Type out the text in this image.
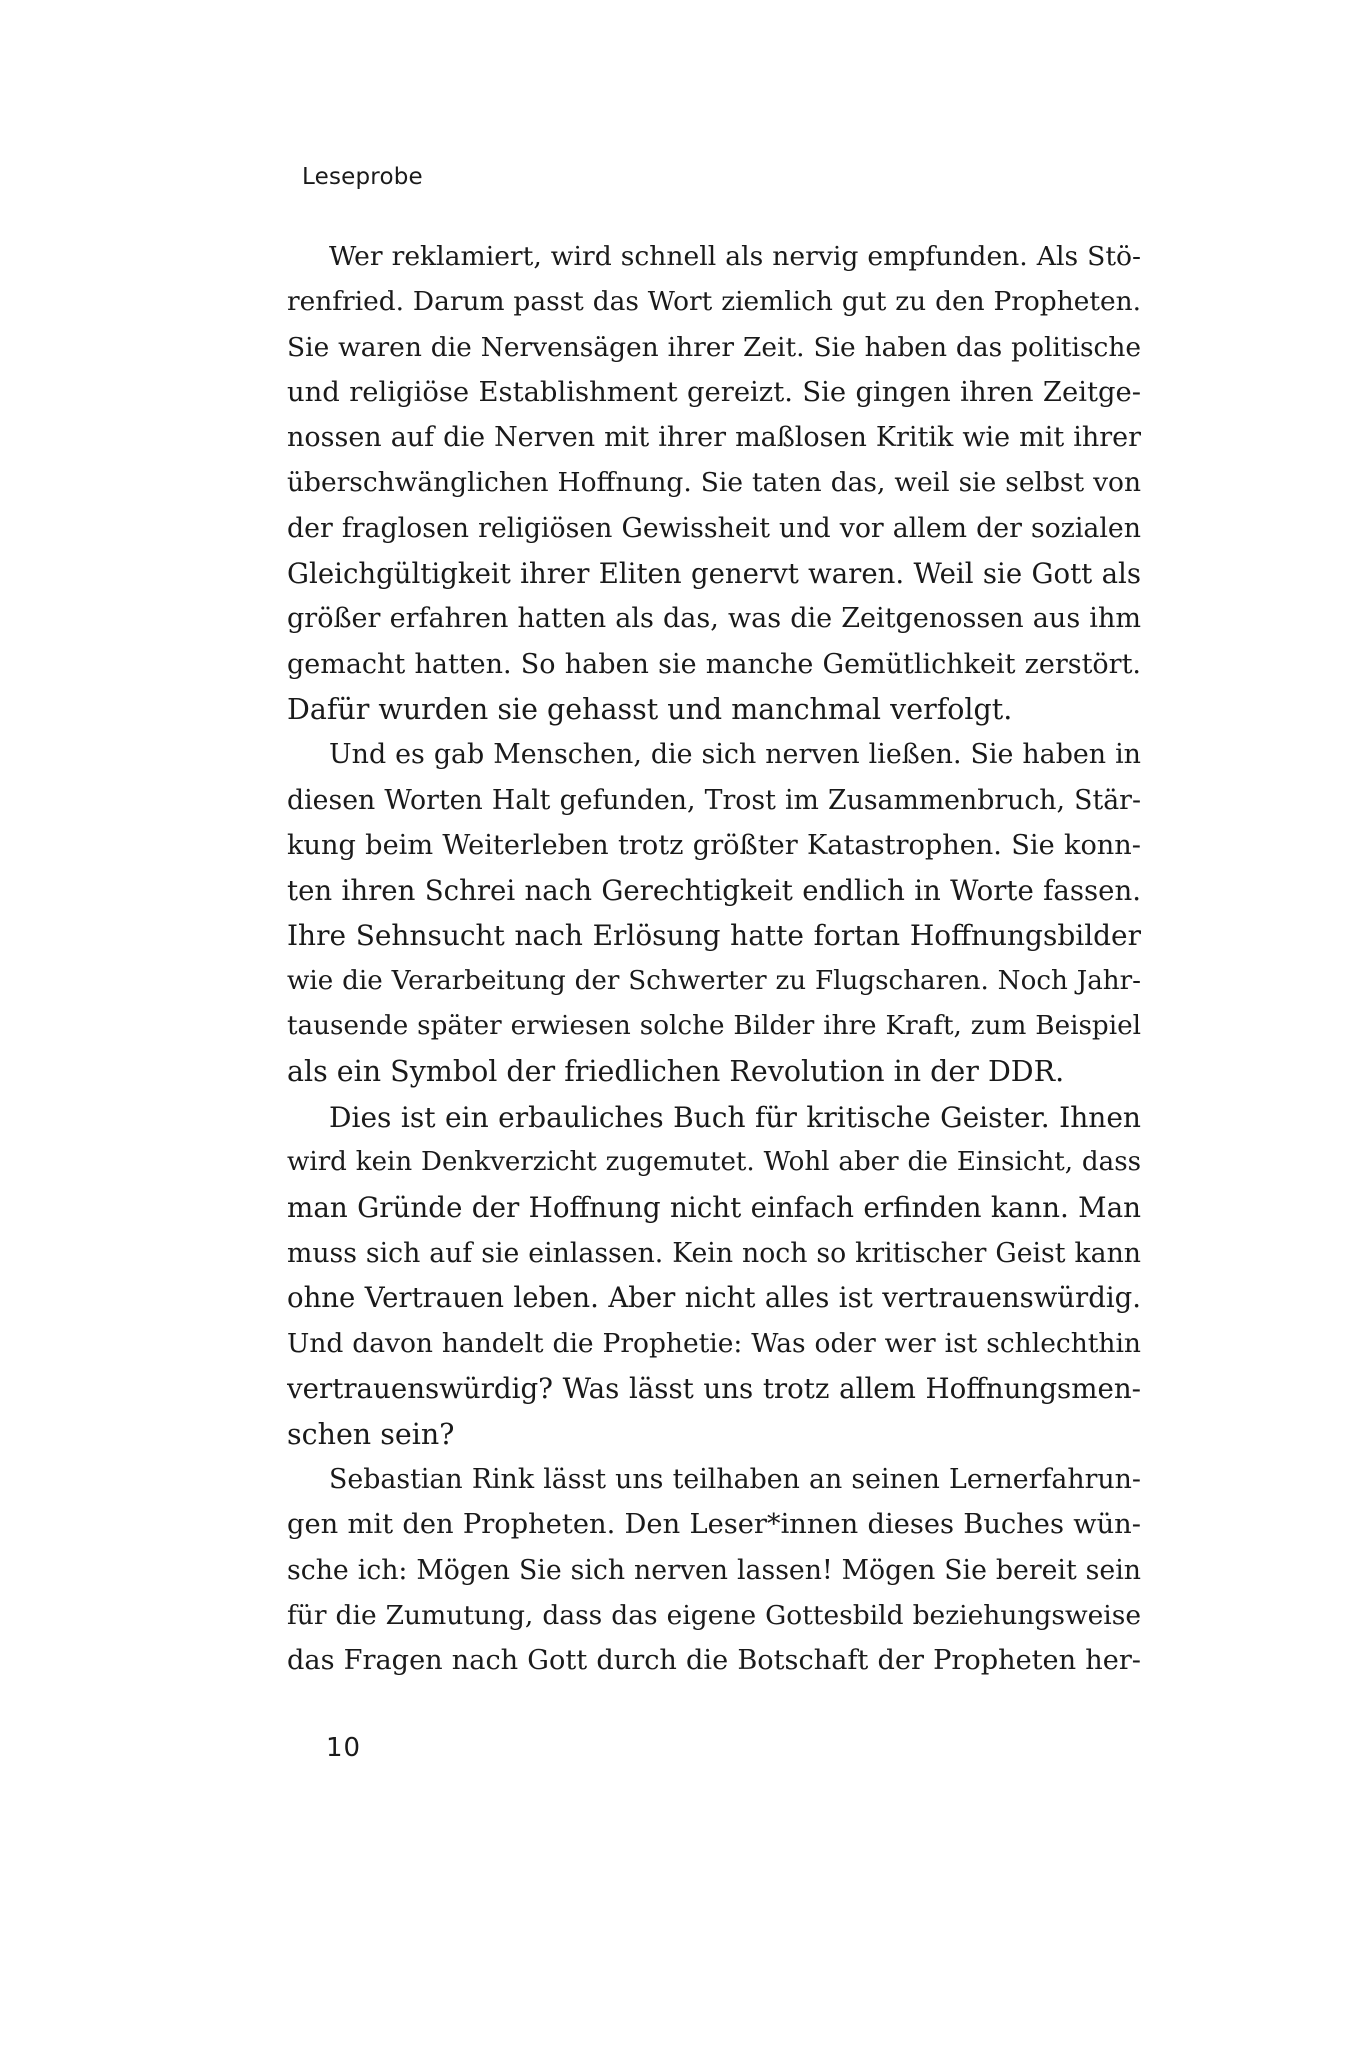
Leseprobe
Wer reklamiert, wird schnell als nervig empfunden. Als Stö-
renfried. Darum passt das Wort ziemlich gut zu den Propheten.
Sie waren die Nervensägen ihrer Zeit. Sie haben das politische
und religiöse Establishment gereizt. Sie gingen ihren Zeitge-
nossen auf die Nerven mit ihrer maßlosen Kritik wie mit ihrer
überschwänglichen Hoffnung. Sie taten das, weil sie selbst von
der fraglosen religiösen Gewissheit und vor allem der sozialen
Gleichgültigkeit ihrer Eliten genervt waren. Weil sie Gott als
größer erfahren hatten als das, was die Zeitgenossen aus ihm
gemacht hatten. So haben sie manche Gemütlichkeit zerstört.
Dafür wurden sie gehasst und manchmal verfolgt.
Und es gab Menschen, die sich nerven ließen. Sie haben in
diesen Worten Halt gefunden, Trost im Zusammenbruch, Stär-
kung beim Weiterleben trotz größter Katastrophen. Sie konn-
ten ihren Schrei nach Gerechtigkeit endlich in Worte fassen.
Ihre Sehnsucht nach Erlösung hatte fortan Hoffnungsbilder
wie die Verarbeitung der Schwerter zu Flugscharen. Noch Jahr-
tausende später erwiesen solche Bilder ihre Kraft, zum Beispiel
als ein Symbol der friedlichen Revolution in der DDR.
Dies ist ein erbauliches Buch für kritische Geister. Ihnen
wird kein Denkverzicht zugemutet. Wohl aber die Einsicht, dass
man Gründe der Hoffnung nicht einfach erfinden kann. Man
muss sich auf sie einlassen. Kein noch so kritischer Geist kann
ohne Vertrauen leben. Aber nicht alles ist vertrauenswürdig.
Und davon handelt die Prophetie: Was oder wer ist schlechthin
vertrauenswürdig? Was lässt uns trotz allem Hoffnungsmen-
schen sein?
Sebastian Rink lässt uns teilhaben an seinen Lernerfahrun-
gen mit den Propheten. Den Leser*innen dieses Buches wün-
sche ich: Mögen Sie sich nerven lassen! Mögen Sie bereit sein
für die Zumutung, dass das eigene Gottesbild beziehungsweise
das Fragen nach Gott durch die Botschaft der Propheten her-
10
